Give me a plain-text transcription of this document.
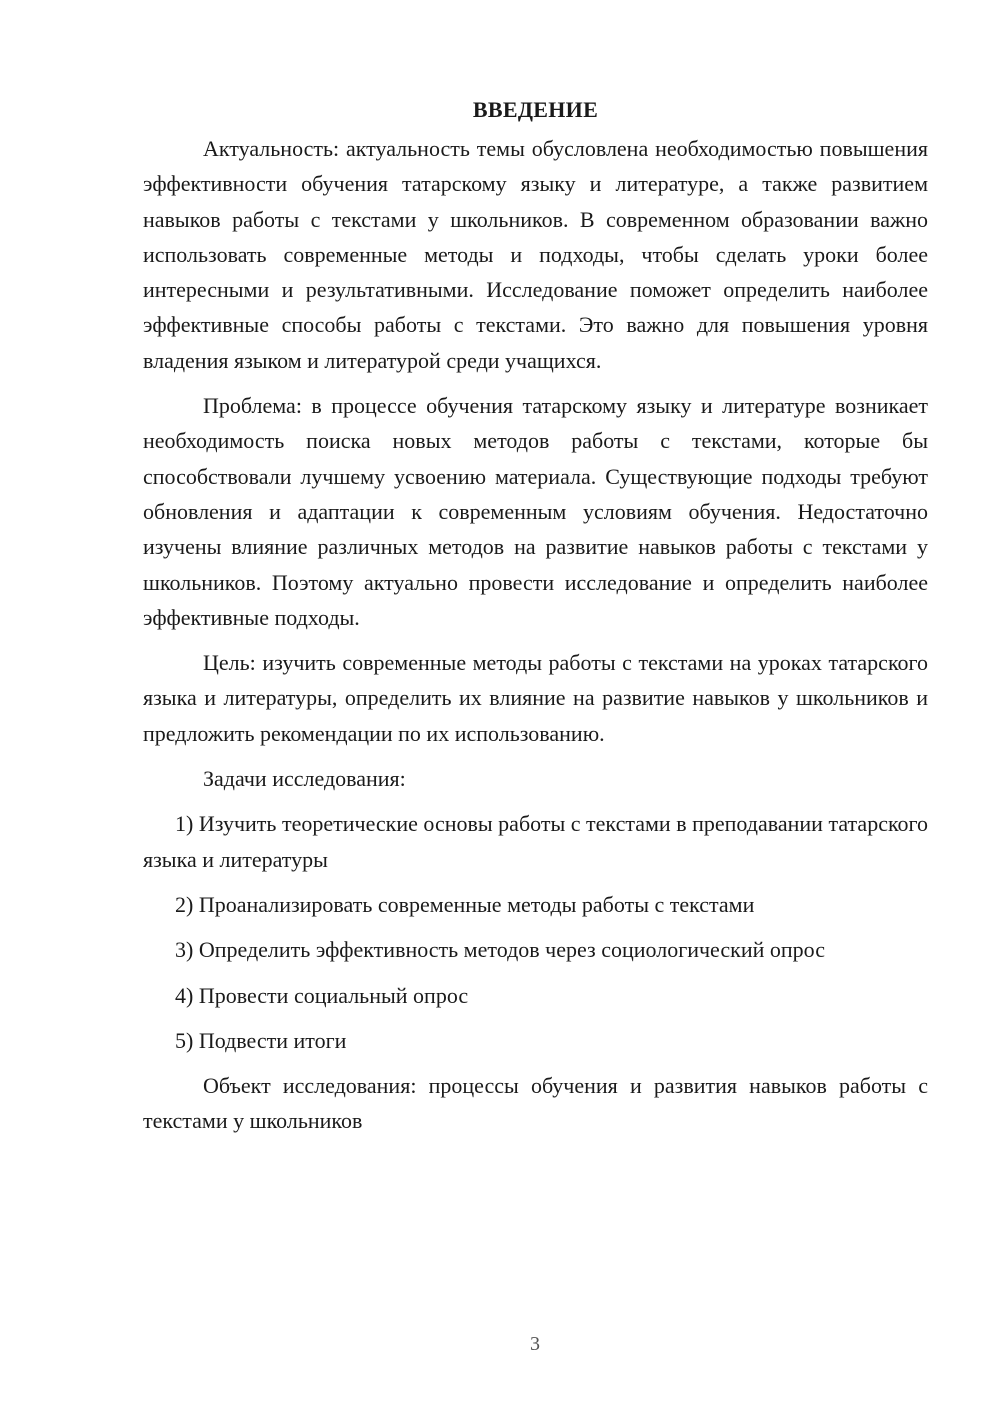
ВВЕДЕНИЕ

Актуальность: актуальность темы обусловлена необходимостью повышения эффективности обучения татарскому языку и литературе, а также развитием навыков работы с текстами у школьников. В современном образовании важно использовать современные методы и подходы, чтобы сделать уроки более интересными и результативными. Исследование поможет определить наиболее эффективные способы работы с текстами. Это важно для повышения уровня владения языком и литературой среди учащихся.

Проблема: в процессе обучения татарскому языку и литературе возникает необходимость поиска новых методов работы с текстами, которые бы способствовали лучшему усвоению материала. Существующие подходы требуют обновления и адаптации к современным условиям обучения. Недостаточно изучены влияние различных методов на развитие навыков работы с текстами у школьников. Поэтому актуально провести исследование и определить наиболее эффективные подходы.

Цель: изучить современные методы работы с текстами на уроках татарского языка и литературы, определить их влияние на развитие навыков у школьников и предложить рекомендации по их использованию.

Задачи исследования:

1) Изучить теоретические основы работы с текстами в преподавании татарского языка и литературы
2) Проанализировать современные методы работы с текстами
3) Определить эффективность методов через социологический опрос
4) Провести социальный опрос
5) Подвести итоги

Объект исследования: процессы обучения и развития навыков работы с текстами у школьников

3
